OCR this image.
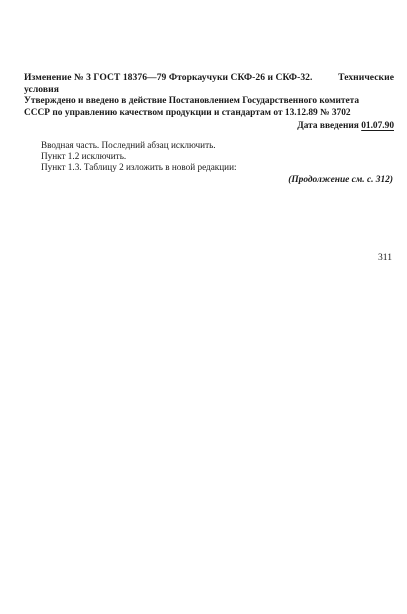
Изменение № 3 ГОСТ 18376—79 Фторкаучуки СКФ-26 и СКФ-32.	Технические
условия
Утверждено и введено в действие Постановлением Государственного комитета
СССР по управлению качеством продукции и стандартам от 13.12.89 № 3702
Дата введения 01.07.90
Вводная часть. Последний абзац исключить.
Пункт 1.2 исключить.
Пункт 1.3. Таблицу 2 изложить в новой редакции:
(Продолжение см. с. 312)
311
